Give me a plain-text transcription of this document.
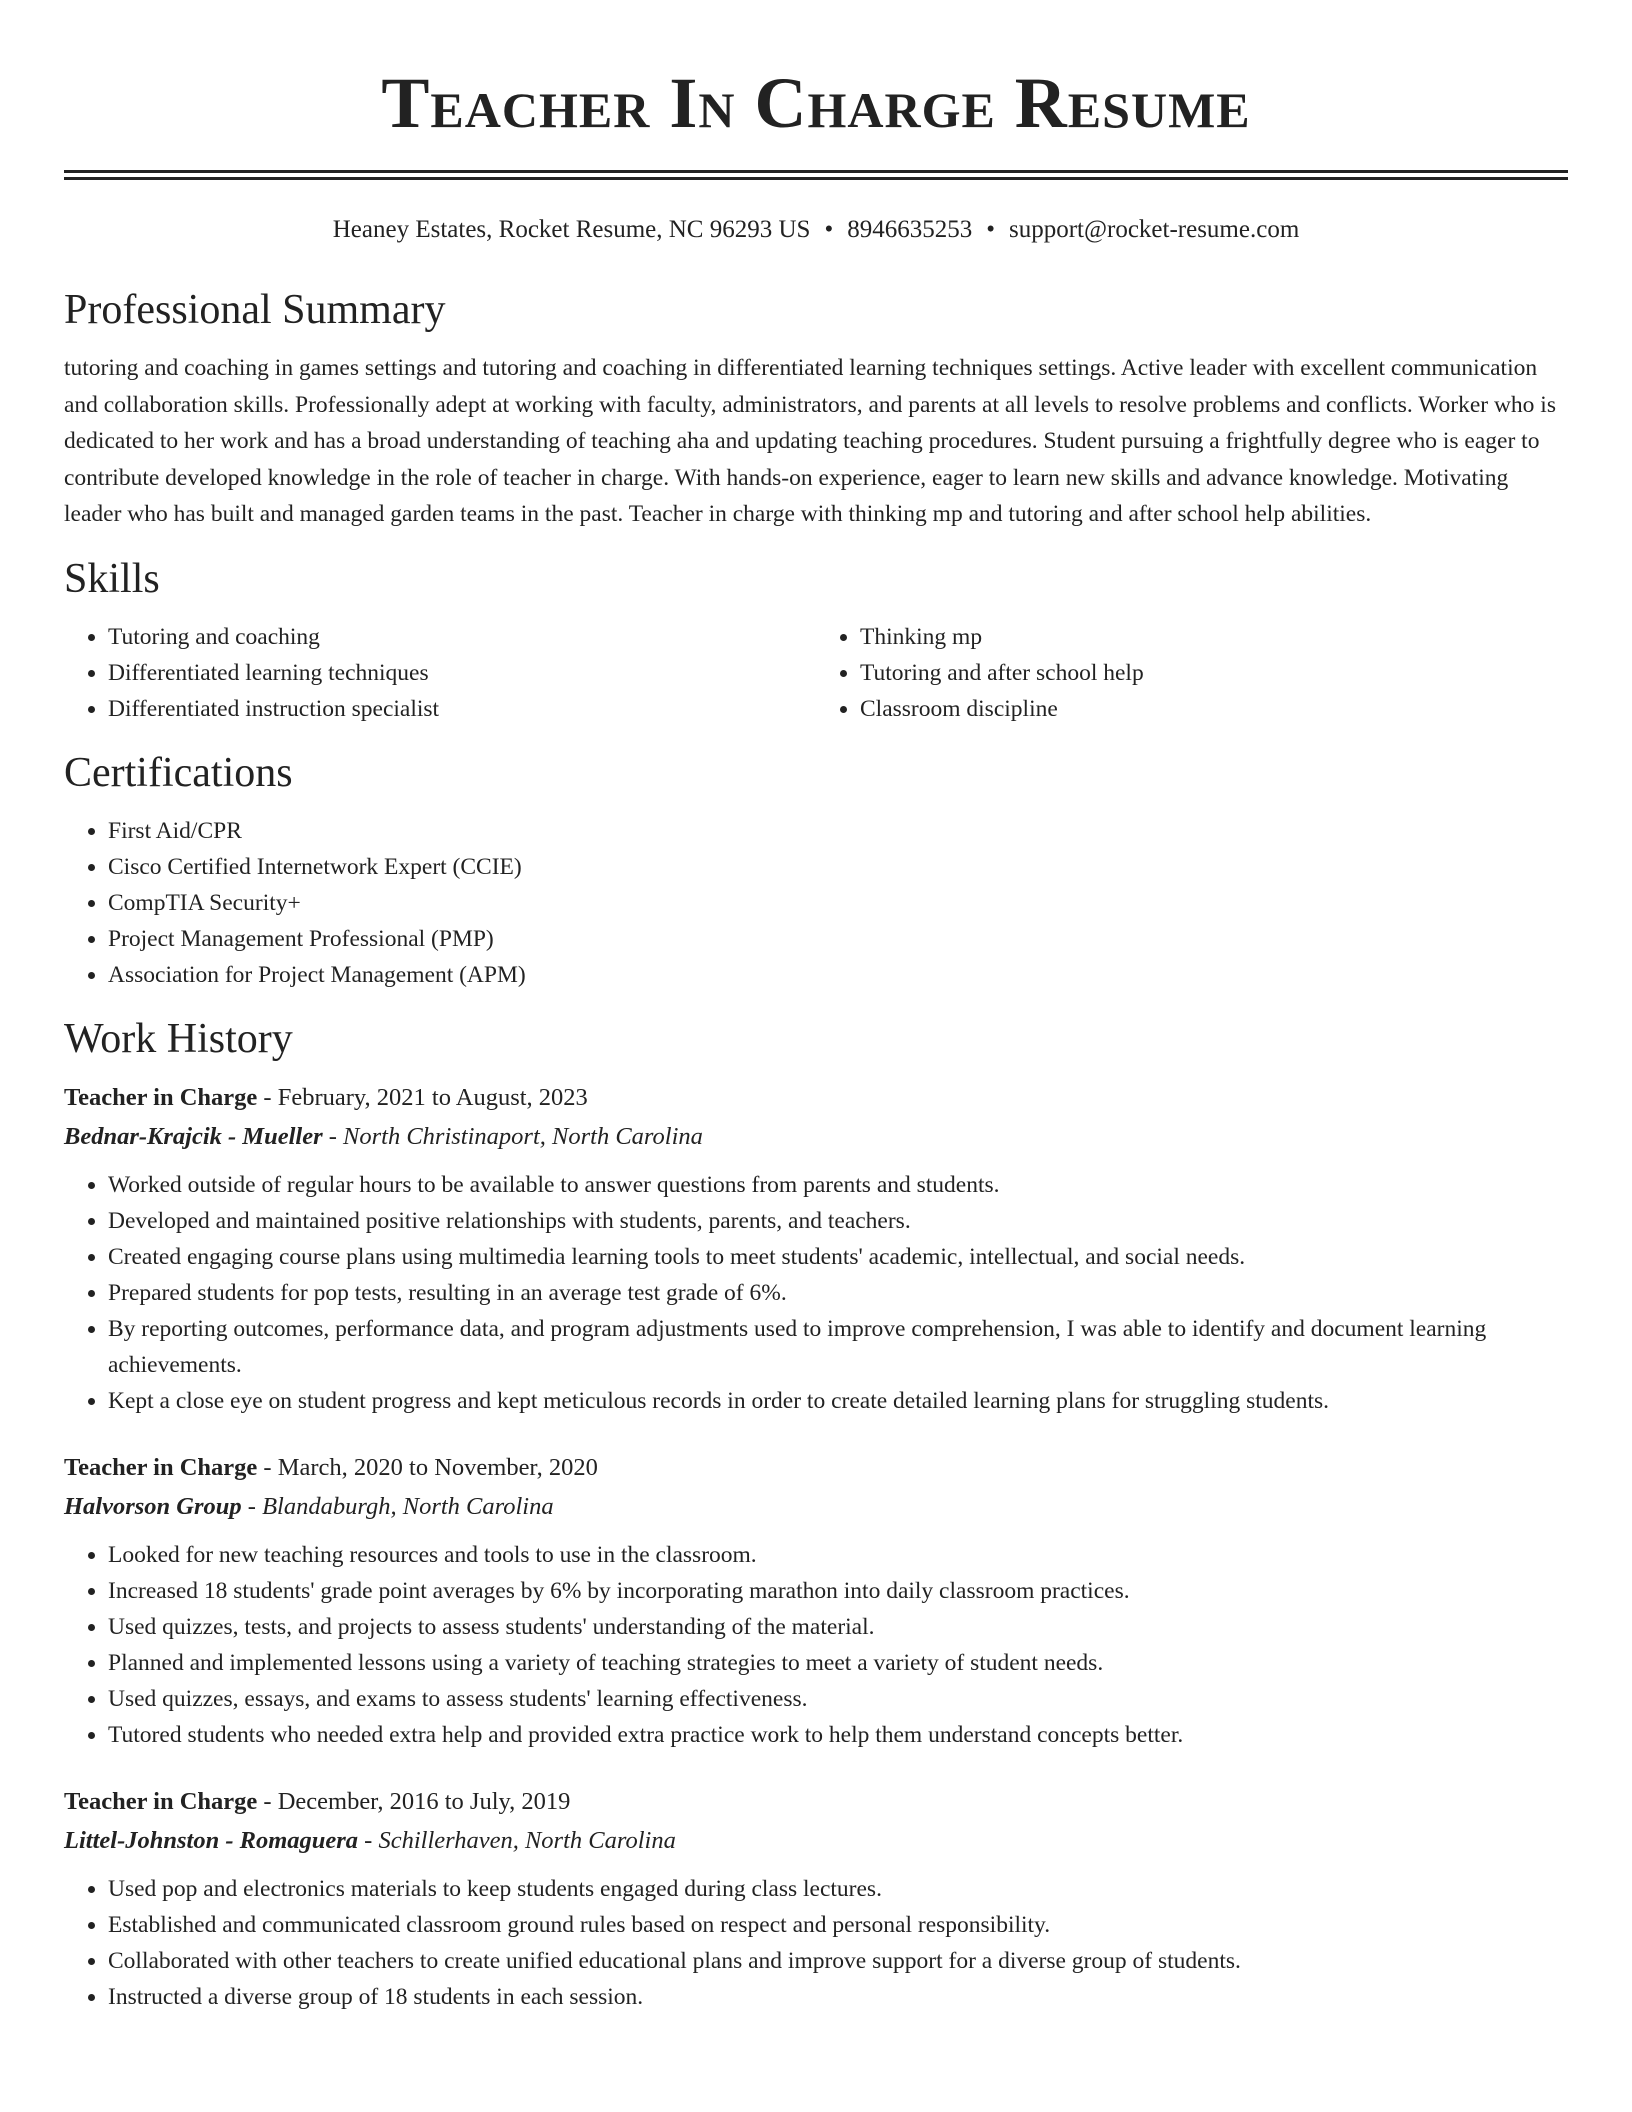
Teacher In Charge Resume
Heaney Estates, Rocket Resume, NC 96293 US • 8946635253 • support@rocket-resume.com
Professional Summary

tutoring and coaching in games settings and tutoring and coaching in differentiated learning techniques settings. Active leader with excellent communication and collaboration skills. Professionally adept at working with faculty, administrators, and parents at all levels to resolve problems and conflicts. Worker who is dedicated to her work and has a broad understanding of teaching aha and updating teaching procedures. Student pursuing a frightfully degree who is eager to contribute developed knowledge in the role of teacher in charge. With hands-on experience, eager to learn new skills and advance knowledge. Motivating leader who has built and managed garden teams in the past. Teacher in charge with thinking mp and tutoring and after school help abilities.

Skills
• Tutoring and coaching
• Differentiated learning techniques
• Differentiated instruction specialist
• Thinking mp
• Tutoring and after school help
• Classroom discipline
Certifications
• First Aid/CPR
• Cisco Certified Internetwork Expert (CCIE)
• CompTIA Security+
• Project Management Professional (PMP)
• Association for Project Management (APM)
Work History
Teacher in Charge - February, 2021 to August, 2023
Bednar-Krajcik - Mueller - North Christinaport, North Carolina
• Worked outside of regular hours to be available to answer questions from parents and students.
• Developed and maintained positive relationships with students, parents, and teachers.
• Created engaging course plans using multimedia learning tools to meet students' academic, intellectual, and social needs.
• Prepared students for pop tests, resulting in an average test grade of 6%.
• By reporting outcomes, performance data, and program adjustments used to improve comprehension, I was able to identify and document learning achievements.
• Kept a close eye on student progress and kept meticulous records in order to create detailed learning plans for struggling students.
Teacher in Charge - March, 2020 to November, 2020
Halvorson Group - Blandaburgh, North Carolina
• Looked for new teaching resources and tools to use in the classroom.
• Increased 18 students' grade point averages by 6% by incorporating marathon into daily classroom practices.
• Used quizzes, tests, and projects to assess students' understanding of the material.
• Planned and implemented lessons using a variety of teaching strategies to meet a variety of student needs.
• Used quizzes, essays, and exams to assess students' learning effectiveness.
• Tutored students who needed extra help and provided extra practice work to help them understand concepts better.
Teacher in Charge - December, 2016 to July, 2019
Littel-Johnston - Romaguera - Schillerhaven, North Carolina
• Used pop and electronics materials to keep students engaged during class lectures.
• Established and communicated classroom ground rules based on respect and personal responsibility.
• Collaborated with other teachers to create unified educational plans and improve support for a diverse group of students.
• Instructed a diverse group of 18 students in each session.
